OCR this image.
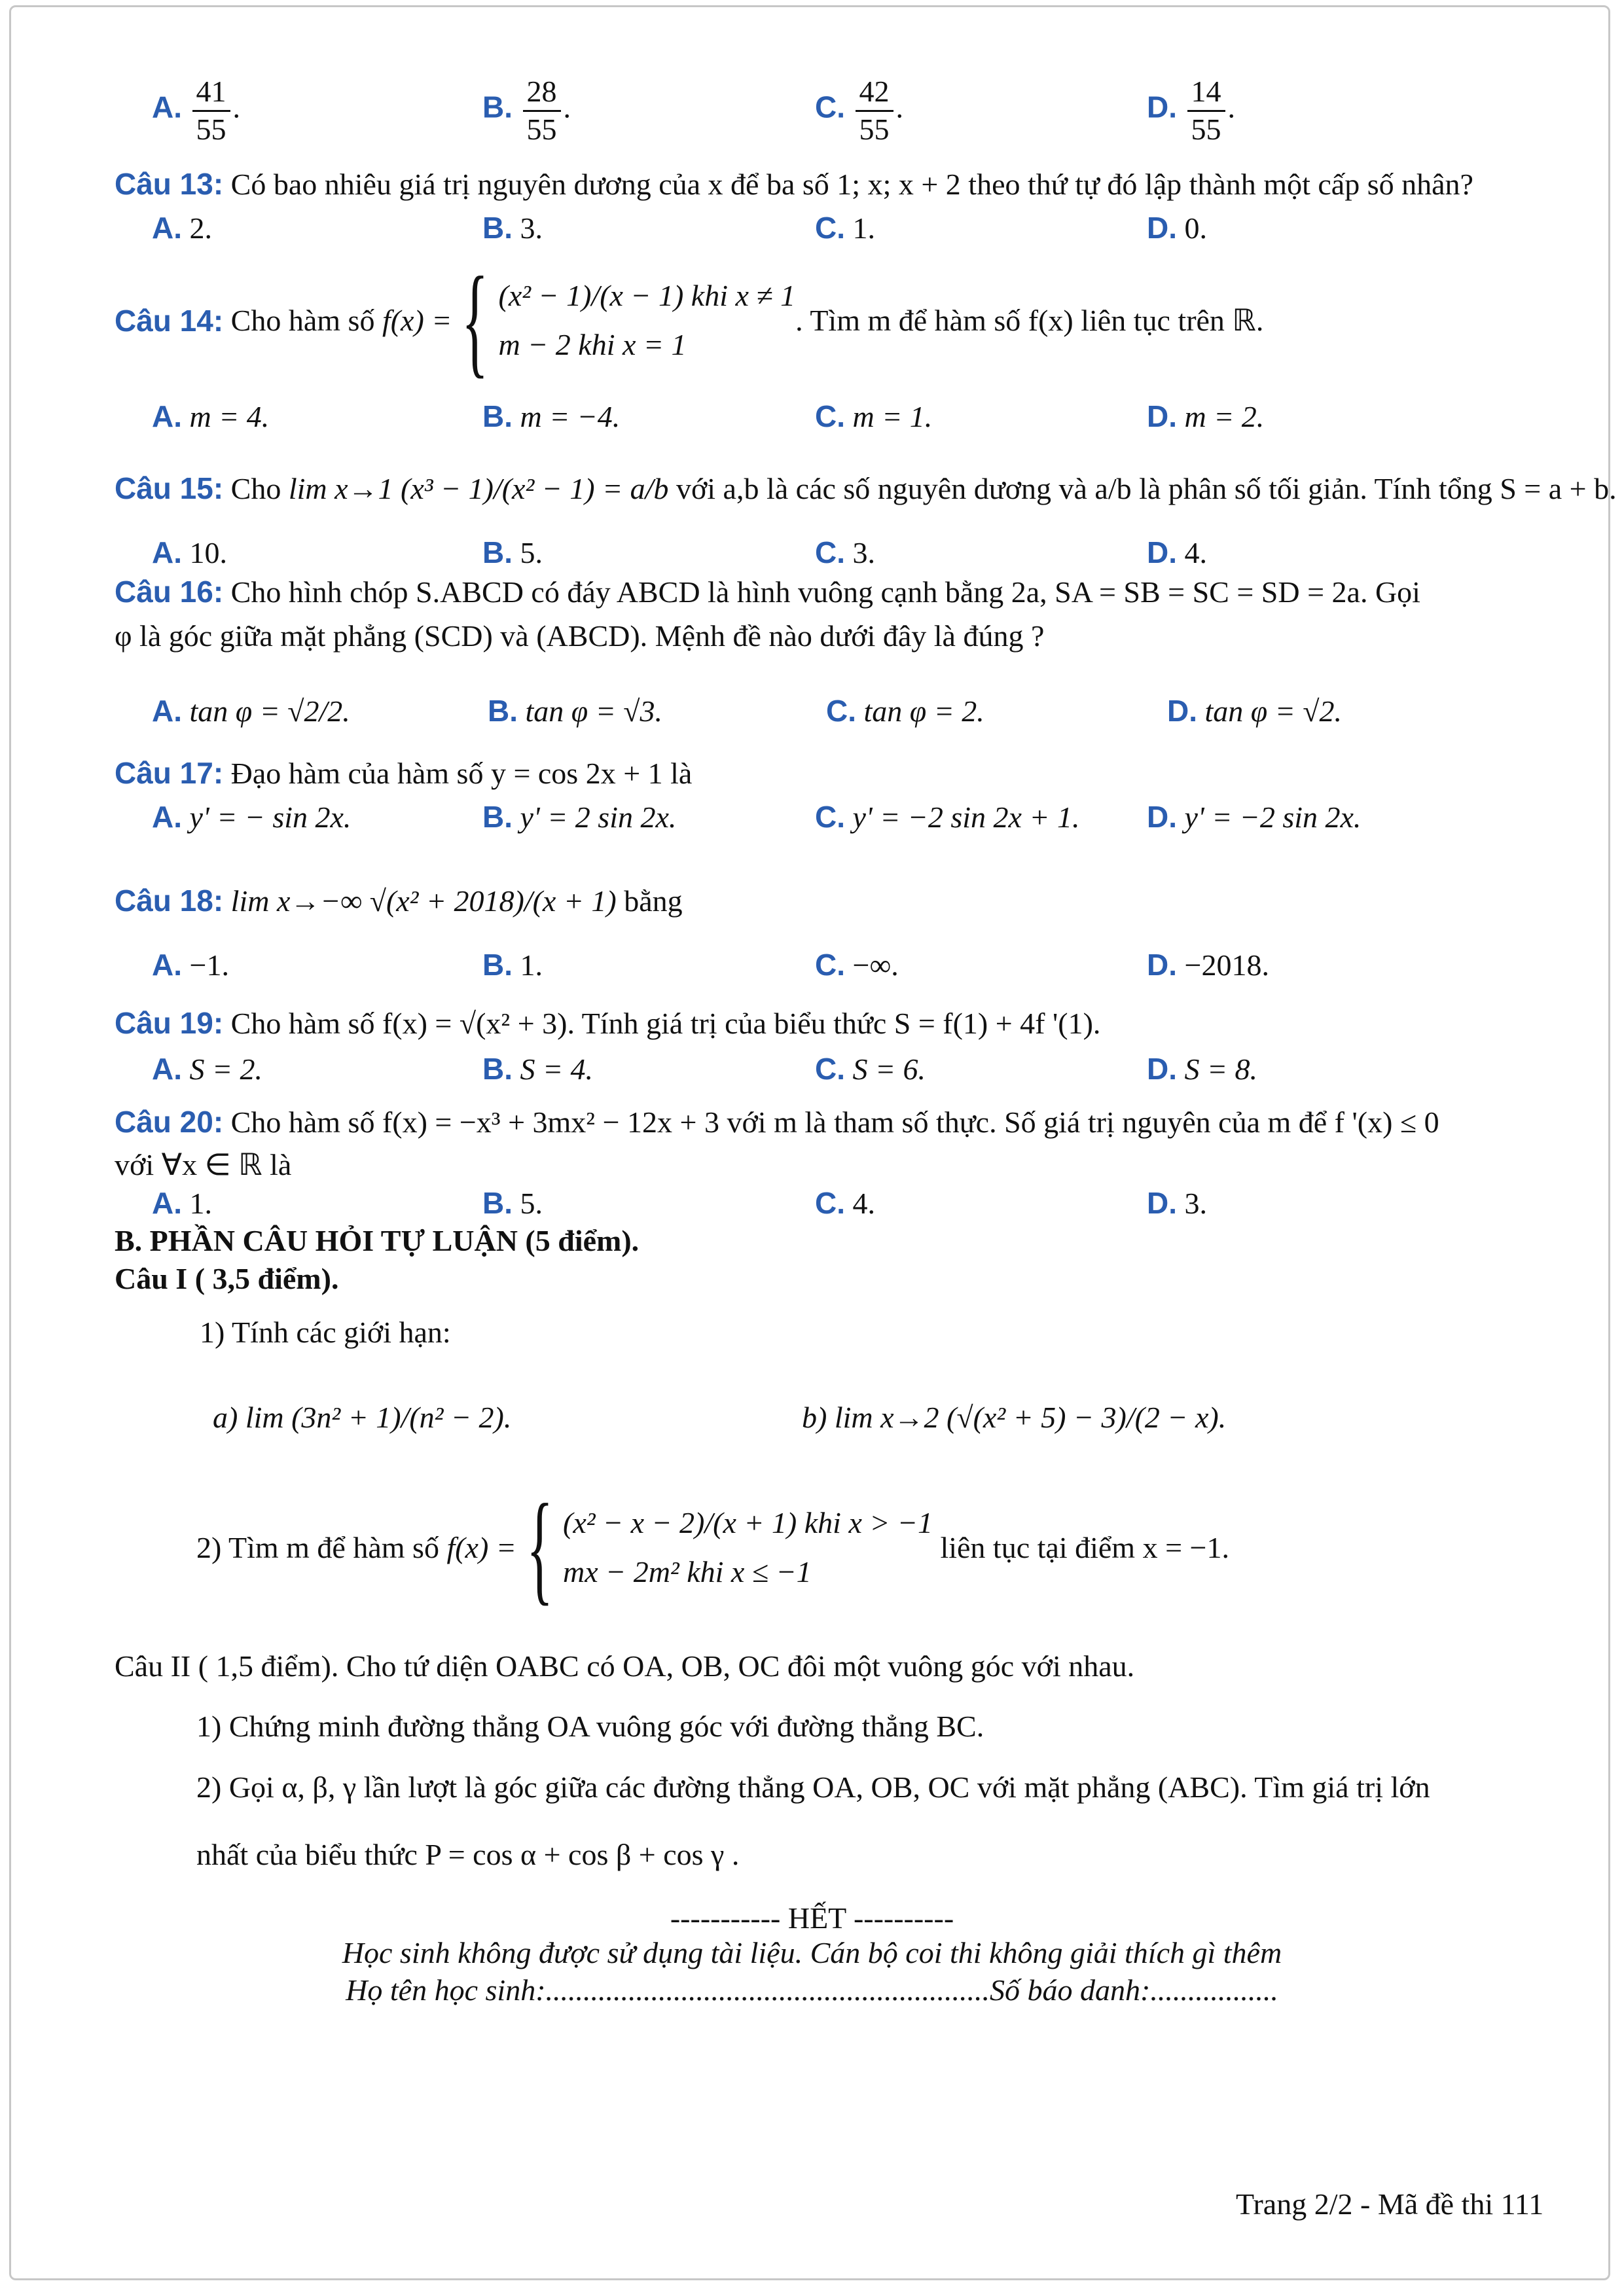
A. $\frac{41}{55}$ .	B. $\frac{28}{55}$ .	C. $\frac{42}{55}$ .	D. $\frac{14}{55}$ .
Câu 13: Có bao nhiêu giá trị nguyên dương của x để ba số 1; x; x + 2 theo thứ tự đó lập thành một cấp số nhân?
A. 2.	B. 3.	C. 1.	D. 0.
Câu 14:
Cho hàm số
f(x) = { (x² − 1)/(x − 1) khi x ≠ 1
m − 2 khi x = 1
. Tìm m để hàm số f(x) liên tục trên ℝ.
A. m = 4.	B. m = −4.	C. m = 1.	D. m = 2.
Câu 15: Cho lim x→1 (x³ − 1)/(x² − 1) = a/b với a,b là các số nguyên dương và a/b là phân số tối giản. Tính tổng S = a + b.
A. 10.	B. 5.	C. 3.	D. 4.
Câu 16: Cho hình chóp S.ABCD có đáy ABCD là hình vuông cạnh bằng 2a, SA = SB = SC = SD = 2a. Gọi
φ là góc giữa mặt phẳng (SCD) và (ABCD). Mệnh đề nào dưới đây là đúng ?
A. tan φ = √2/2.	B. tan φ = √3.	C. tan φ = 2.	D. tan φ = √2.
Câu 17: Đạo hàm của hàm số y = cos 2x + 1 là
A. y' = − sin 2x.	B. y' = 2 sin 2x.	C. y' = −2 sin 2x + 1. D. y' = −2 sin 2x.
Câu 18: lim x→−∞ √(x² + 2018)/(x + 1) bằng
A. −1.	B. 1.	C. −∞.	D. −2018.
Câu 19: Cho hàm số f(x) = √(x² + 3). Tính giá trị của biểu thức S = f(1) + 4f '(1).
A. S = 2.	B. S = 4.	C. S = 6.	D. S = 8.
Câu 20: Cho hàm số f(x) = −x³ + 3mx² − 12x + 3 với m là tham số thực. Số giá trị nguyên của m để f '(x) ≤ 0
với ∀x ∈ ℝ là
A. 1.	B. 5.	C. 4.	D. 3.
B. PHẦN CÂU HỎI TỰ LUẬN (5 điểm).
Câu I ( 3,5 điểm).
1) Tính các giới hạn:
a) lim (3n² + 1)/(n² − 2).	b) lim x→2 (√(x² + 5) − 3)/(2 − x).
2) Tìm m để hàm số
f(x) = { (x² − x − 2)/(x + 1) khi x > −1
mx − 2m² khi x ≤ −1

liên tục tại điểm x = −1.
Câu II ( 1,5 điểm). Cho tứ diện OABC có OA, OB, OC đôi một vuông góc với nhau.
1) Chứng minh đường thẳng OA vuông góc với đường thẳng BC.
2) Gọi α, β, γ lần lượt là góc giữa các đường thẳng OA, OB, OC với mặt phẳng (ABC). Tìm giá trị lớn
nhất của biểu thức P = cos α + cos β + cos γ .
----------- HẾT ----------
Học sinh không được sử dụng tài liệu. Cán bộ coi thi không giải thích gì thêm
Họ tên học sinh:...........................................................Số báo danh:.................
Trang 2/2 - Mã đề thi 111
